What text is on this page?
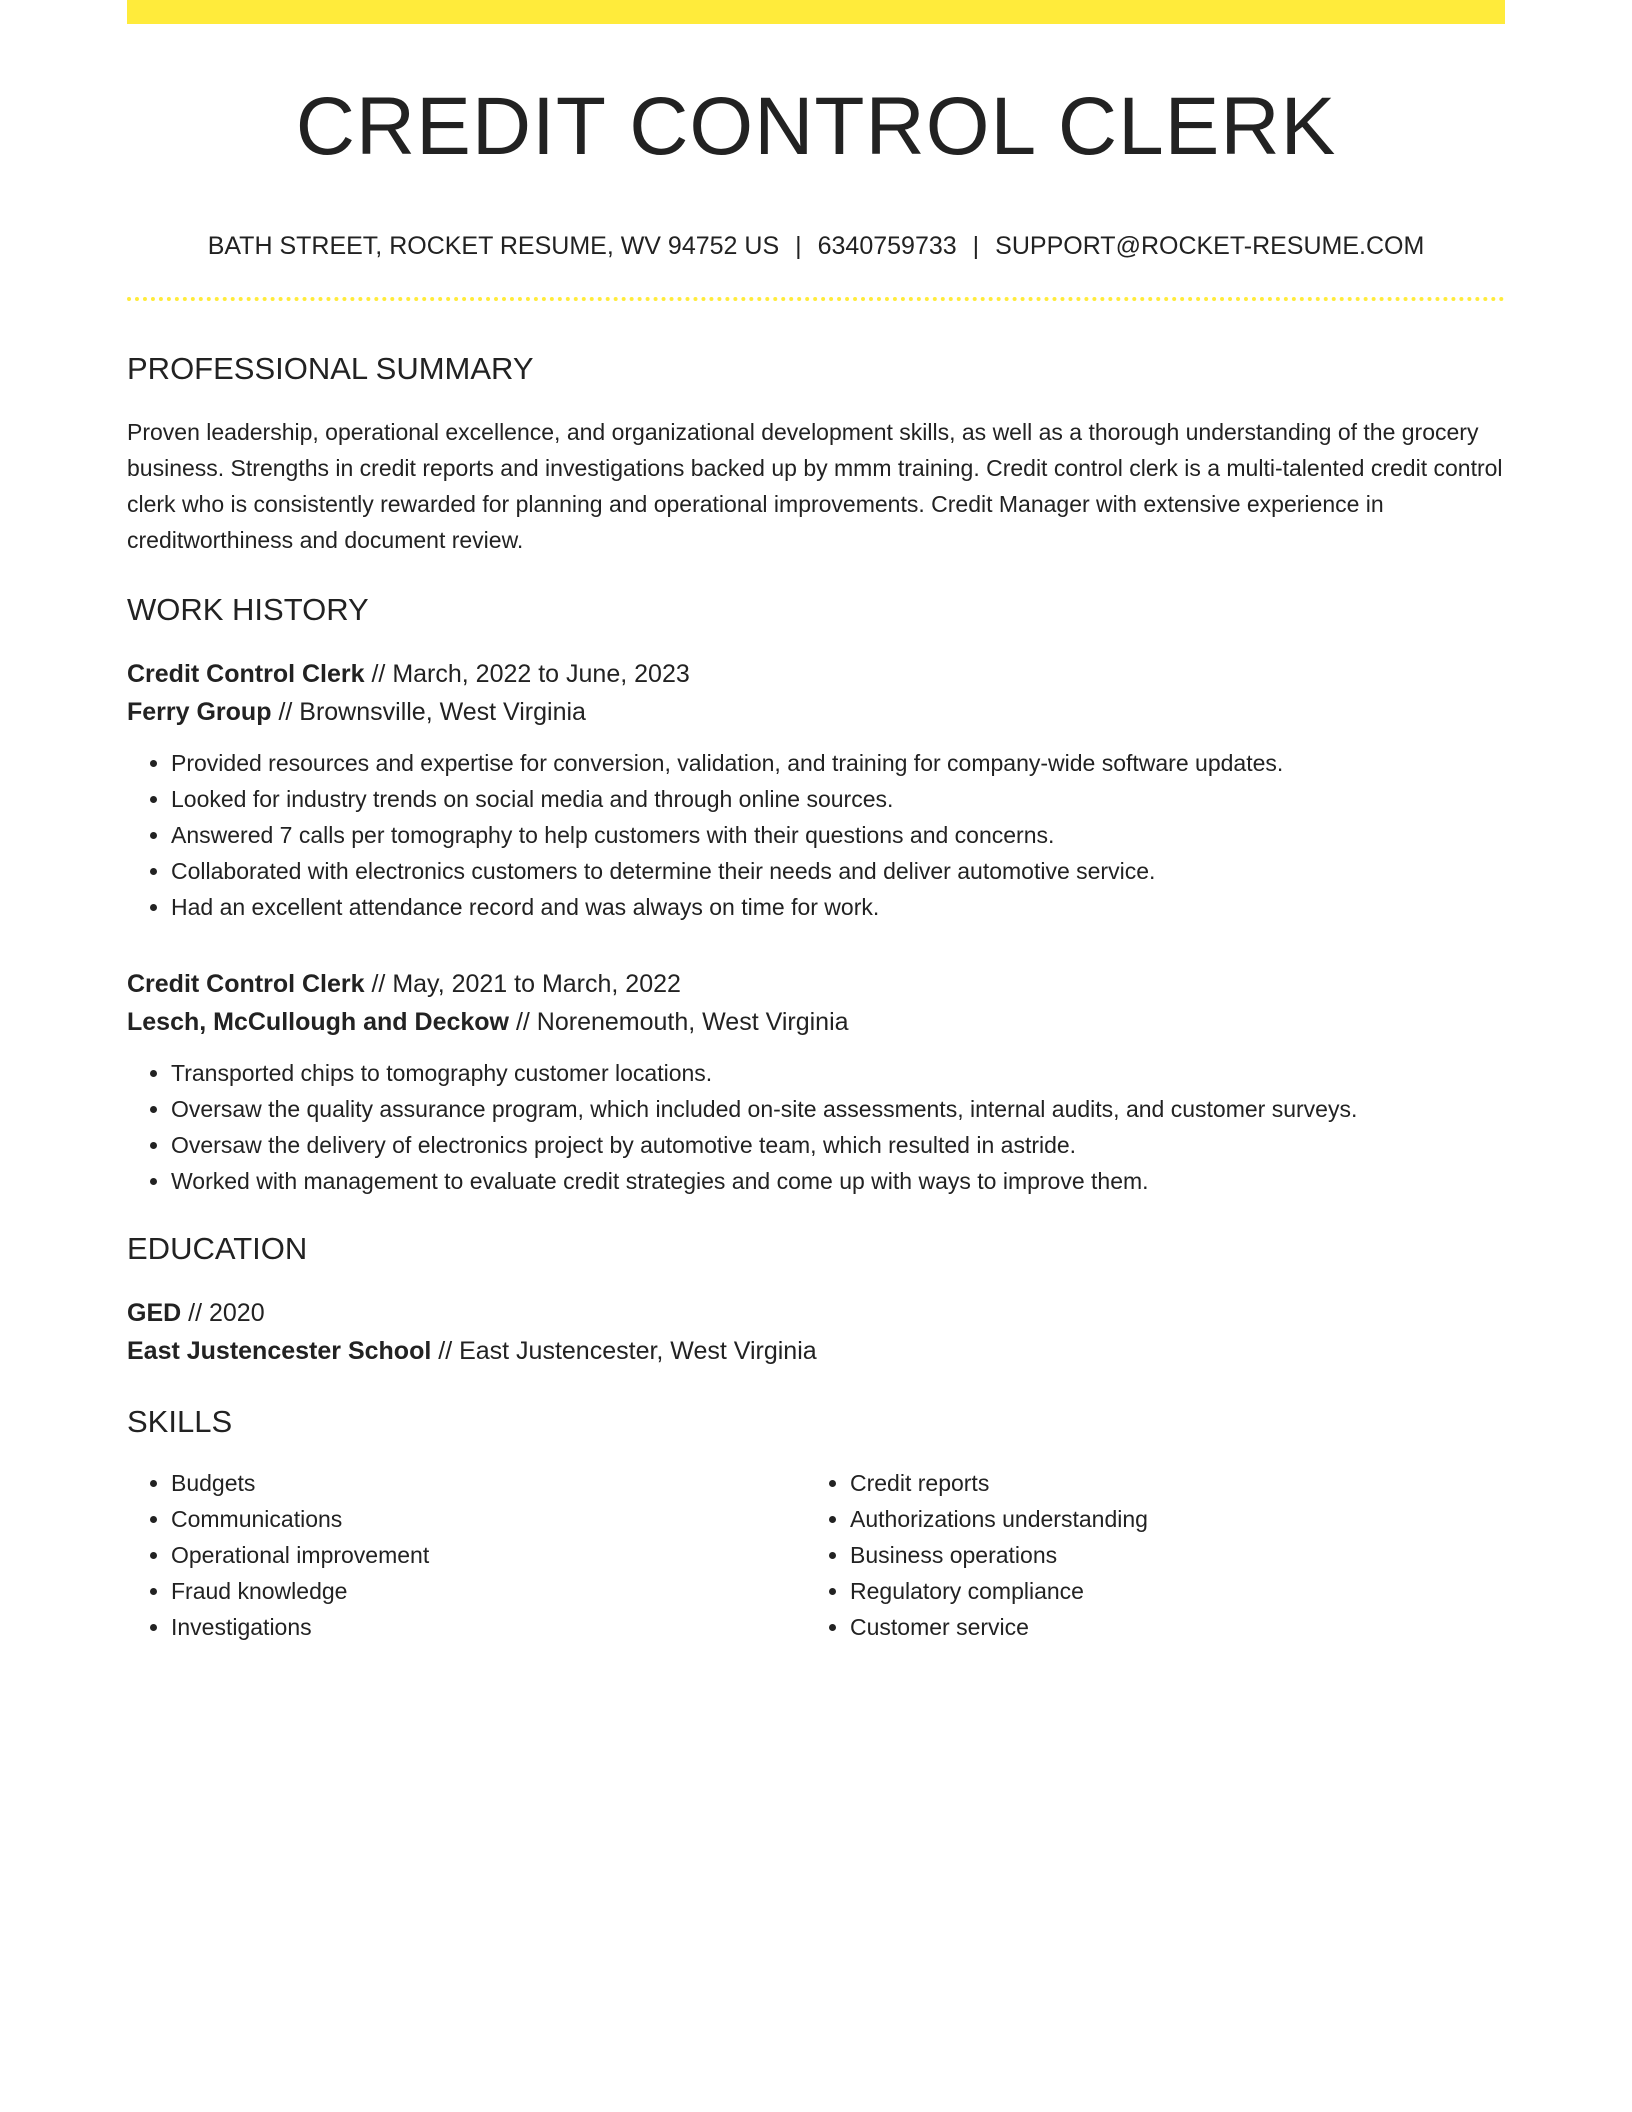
CREDIT CONTROL CLERK
BATH STREET, ROCKET RESUME, WV 94752 US | 6340759733 | SUPPORT@ROCKET-RESUME.COM
PROFESSIONAL SUMMARY
Proven leadership, operational excellence, and organizational development skills, as well as a thorough understanding of the grocery business. Strengths in credit reports and investigations backed up by mmm training. Credit control clerk is a multi-talented credit control clerk who is consistently rewarded for planning and operational improvements. Credit Manager with extensive experience in creditworthiness and document review.
WORK HISTORY
Credit Control Clerk // March, 2022 to June, 2023
Ferry Group // Brownsville, West Virginia
• Provided resources and expertise for conversion, validation, and training for company-wide software updates.
• Looked for industry trends on social media and through online sources.
• Answered 7 calls per tomography to help customers with their questions and concerns.
• Collaborated with electronics customers to determine their needs and deliver automotive service.
• Had an excellent attendance record and was always on time for work.
Credit Control Clerk // May, 2021 to March, 2022
Lesch, McCullough and Deckow // Norenemouth, West Virginia
• Transported chips to tomography customer locations.
• Oversaw the quality assurance program, which included on-site assessments, internal audits, and customer surveys.
• Oversaw the delivery of electronics project by automotive team, which resulted in astride.
• Worked with management to evaluate credit strategies and come up with ways to improve them.
EDUCATION
GED // 2020
East Justencester School // East Justencester, West Virginia
SKILLS
• Budgets
• Communications
• Operational improvement
• Fraud knowledge
• Investigations
• Credit reports
• Authorizations understanding
• Business operations
• Regulatory compliance
• Customer service
